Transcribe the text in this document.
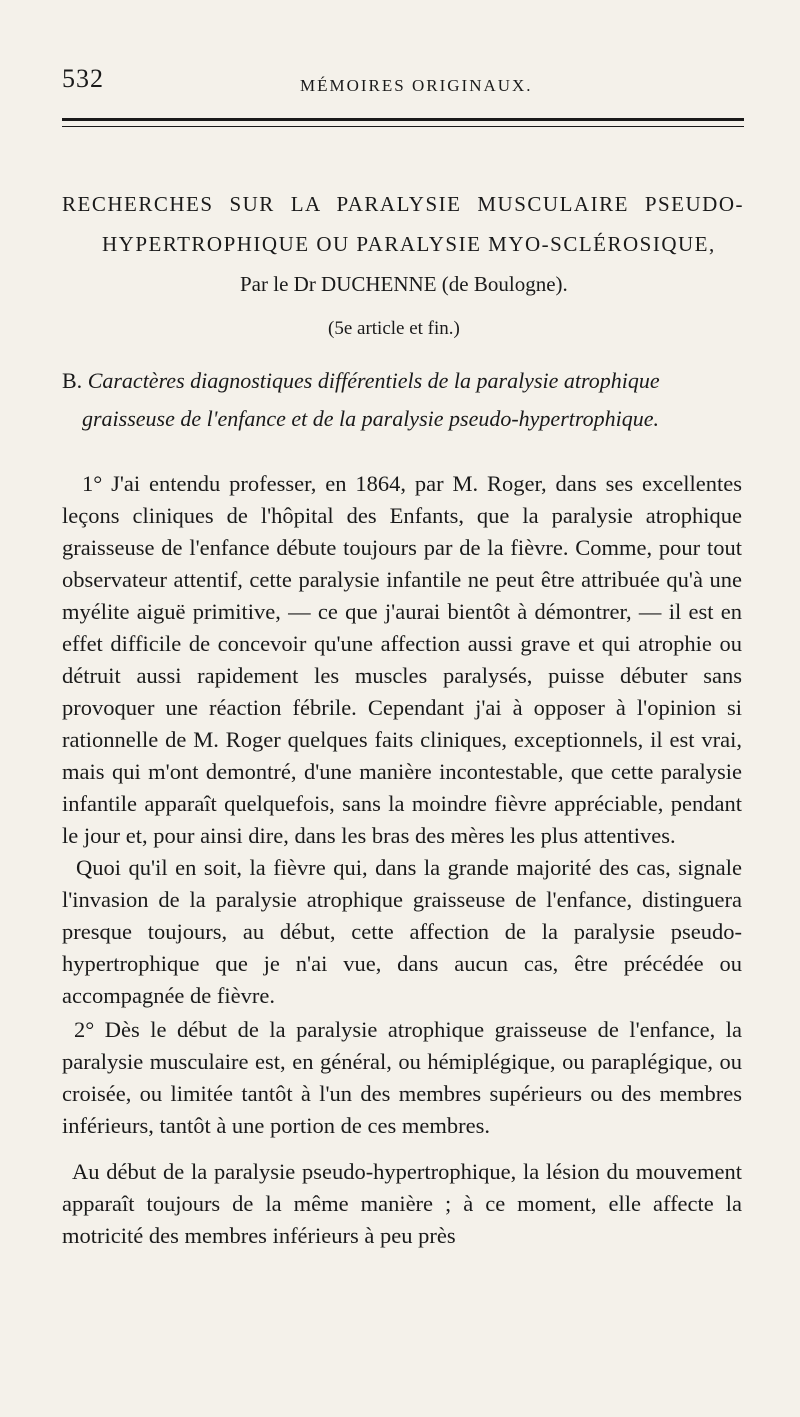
532	MÉMOIRES ORIGINAUX.
RECHERCHES SUR LA PARALYSIE MUSCULAIRE PSEUDO-
HYPERTROPHIQUE OU PARALYSIE MYO-SCLÉROSIQUE,
Par le Dr DUCHENNE (de Boulogne).
(5e article et fin.)
B. Caractères diagnostiques différentiels de la paralysie atrophique
graisseuse de l'enfance et de la paralysie pseudo-hypertrophique.

1° J'ai entendu professer, en 1864, par M. Roger, dans ses excellentes leçons cliniques de l'hôpital des Enfants, que la paralysie atrophique graisseuse de l'enfance débute toujours par de la fièvre. Comme, pour tout observateur attentif, cette paralysie infantile ne peut être attribuée qu'à une myélite aiguë primitive, — ce que j'aurai bientôt à démontrer, — il est en effet difficile de concevoir qu'une affection aussi grave et qui atrophie ou détruit aussi rapidement les muscles paralysés, puisse débuter sans provoquer une réaction fébrile. Cependant j'ai à opposer à l'opinion si rationnelle de M. Roger quelques faits cliniques, exceptionnels, il est vrai, mais qui m'ont demontré, d'une manière incontestable, que cette paralysie infantile apparaît quelquefois, sans la moindre fièvre appréciable, pendant le jour et, pour ainsi dire, dans les bras des mères les plus attentives.

Quoi qu'il en soit, la fièvre qui, dans la grande majorité des cas, signale l'invasion de la paralysie atrophique graisseuse de l'enfance, distinguera presque toujours, au début, cette affection de la paralysie pseudo-hypertrophique que je n'ai vue, dans aucun cas, être précédée ou accompagnée de fièvre.

2° Dès le début de la paralysie atrophique graisseuse de l'enfance, la paralysie musculaire est, en général, ou hémiplégique, ou paraplégique, ou croisée, ou limitée tantôt à l'un des membres supérieurs ou des membres inférieurs, tantôt à une portion de ces membres.

Au début de la paralysie pseudo-hypertrophique, la lésion du mouvement apparaît toujours de la même manière ; à ce moment, elle affecte la motricité des membres inférieurs à peu près
